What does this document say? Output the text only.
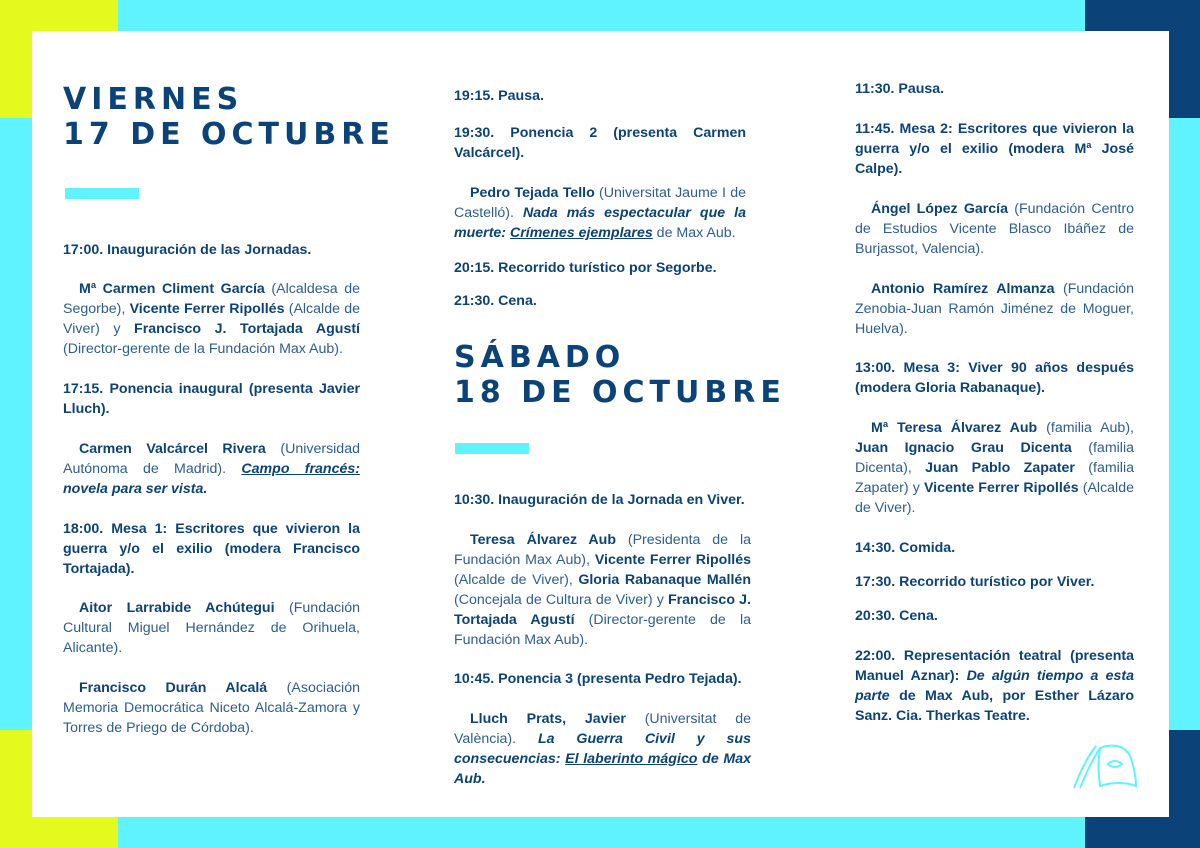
VIERNES
17 DE OCTUBRE
17:00. Inauguración de las Jornadas.
Mª Carmen Climent García (Alcaldesa de Segorbe), Vicente Ferrer Ripollés (Alcalde de Viver) y Francisco J. Tortajada Agustí (Director-gerente de la Fundación Max Aub).
17:15. Ponencia inaugural (presenta Javier Lluch).
Carmen Valcárcel Rivera (Universidad Autónoma de Madrid). Campo francés: novela para ser vista.
18:00. Mesa 1: Escritores que vivieron la guerra y/o el exilio (modera Francisco Tortajada).
Aitor Larrabide Achútegui (Fundación Cultural Miguel Hernández de Orihuela, Alicante).
Francisco Durán Alcalá (Asociación Memoria Democrática Niceto Alcalá-Zamora y Torres de Priego de Córdoba).
19:15. Pausa.
19:30. Ponencia 2 (presenta Carmen Valcárcel).
Pedro Tejada Tello (Universitat Jaume I de Castelló). Nada más espectacular que la muerte: Crímenes ejemplares de Max Aub.
20:15. Recorrido turístico por Segorbe.
21:30. Cena.
SÁBADO
18 DE OCTUBRE
10:30. Inauguración de la Jornada en Viver.
Teresa Álvarez Aub (Presidenta de la Fundación Max Aub), Vicente Ferrer Ripollés (Alcalde de Viver), Gloria Rabanaque Mallén (Concejala de Cultura de Viver) y Francisco J. Tortajada Agustí (Director-gerente de la Fundación Max Aub).
10:45. Ponencia 3 (presenta Pedro Tejada).
Lluch Prats, Javier (Universitat de València). La Guerra Civil y sus consecuencias: El laberinto mágico de Max Aub.
11:30. Pausa.
11:45. Mesa 2: Escritores que vivieron la guerra y/o el exilio (modera Mª José Calpe).
Ángel López García (Fundación Centro de Estudios Vicente Blasco Ibáñez de Burjassot, Valencia).
Antonio Ramírez Almanza (Fundación Zenobia-Juan Ramón Jiménez de Moguer, Huelva).
13:00. Mesa 3: Viver 90 años después (modera Gloria Rabanaque).
Mª Teresa Álvarez Aub (familia Aub), Juan Ignacio Grau Dicenta (familia Dicenta), Juan Pablo Zapater (familia Zapater) y Vicente Ferrer Ripollés (Alcalde de Viver).
14:30. Comida.
17:30. Recorrido turístico por Viver.
20:30. Cena.
22:00. Representación teatral (presenta Manuel Aznar): De algún tiempo a esta parte de Max Aub, por Esther Lázaro Sanz. Cia. Therkas Teatre.
